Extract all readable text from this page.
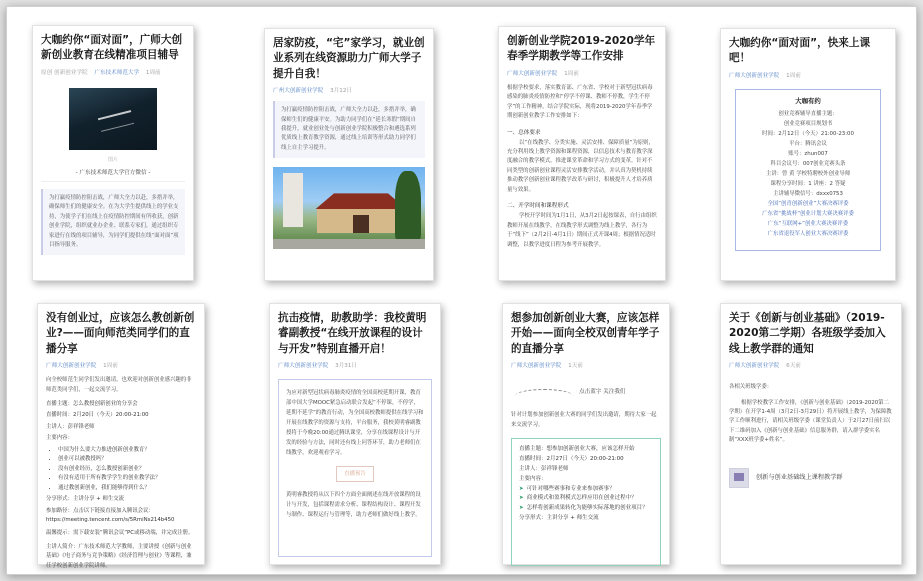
大咖约你“面对面”，广师大创新创业教育在线精准项目辅导
原创 创新创业学院 广东技术师范大学 1周前
图片
- 广东技术师范大学官方微信 -
为打赢疫情防控阻击战，广师大全力以赴，多措并举，确保师生们的健康安全。在为大学生提供线上的学业支持，为使学子们在线上在疫情防控期间有所收获，创新创业学院，组织就业办企业、联系专家们，通过组织专家进行在线的项目辅导，为同学们提供在线“面对面”项目指导服务。
居家防疫，“宅”家学习，就业创业系列在线资源助力广师大学子提升自我！
广州大创新创业学院 3月12日
为打赢疫情防控阻击战，广师大全力以赴，多措并举，确保师生们的健康平安。为助力同学们在“延长寒假”期间自我提升，就业创业处与创新创业学院积极整合和遴选系列优质线上教育教学资源，通过线上培训等形式助力同学们线上自主学习提升。
创新创业学院2019-2020学年春季学期教学等工作安排
广师大创新创业学院 1周前
根据学校要求，落实教育部、广东省、学校对于新型冠状病毒感染的肺炎疫情防控和“停学不停课、教师不停教，学生不停学”的工作精神，结合学院实际，现将2019-2020学年春季学期创新创业教学工作安排如下：
一、总体要求
以“在线教学、分类实施、灵活安排、保障质量”为原则，充分利用线上教学资源和课程资源，以信息技术与教育教学深度融合的教学模式，推进课堂革命和学习方式的变革。针对不同类型的创新创业课程灵活安排教学活动，并认真为契机持续推动教学创新创业课程教学改革与研讨，积极提升人才培养质量与效果。
二、开学时间和课程形式
学校开学时间为1月1日，从3月2日起按课表，自行由组织教师开展在线教学，在线教学形式调整为线上教学，各行为于“线下”（2月2日-4月1日）期间正式开课4周；根据情况适时调整，以教学进度日程为参考开展教学。
大咖约你“面对面”，快来上课吧！
广师大创新创业学院 1周前
大咖有约
创业竞赛辅导直播主题：
创业竞赛项目规划书
时间：2月12日（今天）21:00-23:00
平台：腾讯会议
账号：zhun007
科目会议号：007创业竞赛头条
主讲：曾 黄 学校特聘校外创业导师
课程分享时间：1 讲座：2 答疑
主讲辅导微信号：dxxx0753
全国“创青创新创业”大赛决赛评委
广东省“挑战杯”创业计划大赛决赛评委
广东“互联网+”创业大赛决赛评委
广东省退役军人创业大赛决赛评委
没有创业过，应该怎么教创新创业?——面向师范类同学们的直播分享
广师大创新创业学院 1周前
向全校师范生同学们发出邀请，也欢迎对创新创业感兴趣的非师范类同学们，一起交流学习。
直播主题：怎么教授创新创业的分享会
直播时间：2月20日（今天）20:00-21:00
主讲人：彭祥锋老师
主要内容：
• 中国为什么要大力推进创新创业教育？
• 创业可以被教授吗？
• 没有创业经历，怎么教授创新创业？
• 有没有适用于所有教学学生的创业教学法？
• 通过教创新创业，我们能够得到什么？
分享形式：主讲分享 + 师生交流
参加路径：点击以下链接直接加入腾讯会议：https://meeting.tencent.com/s/5RmiNs214b450
温馨提示：需下载安装“腾讯会议”PC或移动端，并完成注册。
主讲人简介：广东技术师范大学教师，主要讲授《创新与创业基础》《电子商务与竞争策略》《经济管理与创业》等课程，兼任学校创新创业学院讲师。
抗击疫情，助教助学：我校黄明睿副教授“在线开放课程的设计与开发”特别直播开启！
广师大创新创业学院 3月31日
为应对新型冠状病毒肺炎疫情的全国高校延期开课，教育部中国大学MOOC紧急启动联合发起“不停课，不停学，延期不延学”的教育行动，为全国高校教师提供在线学习和开展在线教学的资源与支持，平台服务，我校黄明睿副教授将于今晚20:00通过腾讯课堂，分享在线课程设计与开发的经验与方法，同时还有线上问答环节，助力老师们在线教学，欢迎观看学习。
直播预告
黄明睿教授将从以下四个方面全面阐述在线开放课程的设计与开发，包括课程需求分析、课程结构设计、课程开发与制作、课程运行与管理等，助力老师们做好线上教学。
想参加创新创业大赛，应该怎样开始——面向全校双创青年学子的直播分享
广师大创新创业学院 1天前
点击蓝字 关注我们
针对计划参加创新创业大赛的同学们发出邀请，期待大家一起来交流学习。
直播主题：想参加创新创业大赛，应该怎样开始
直播时间：2月27日（今天）20:00-21:00
主讲人：彭祥锋老师
主要内容：
➤ 可针对哪些赛事和专业来参加赛事？
➤ 商业模式和盈利模式怎样应用在创业过程中？
➤ 怎样将创新成果转化为能够实际落地的创业项目？
分享形式：主讲分享 + 师生交流
关于《创新与创业基础》（2019-2020第二学期）各班级学委加入线上教学群的通知
广师大创新创业学院 6天前
各相关班级学委：
根据学校教学工作安排，《创新与创业基础》（2019-2020第二学期）在开学1-4周（3月2日-3月29日）将开展线上教学，为保障教学工作顺利进行，请相关班级学委（课堂负责人）于2月27日前扫以下二维码加入《创新与创业基础》信息服务群，请入群学委实名制“XXX班学委+姓名”。
创新与创业基础线上课程教学群
